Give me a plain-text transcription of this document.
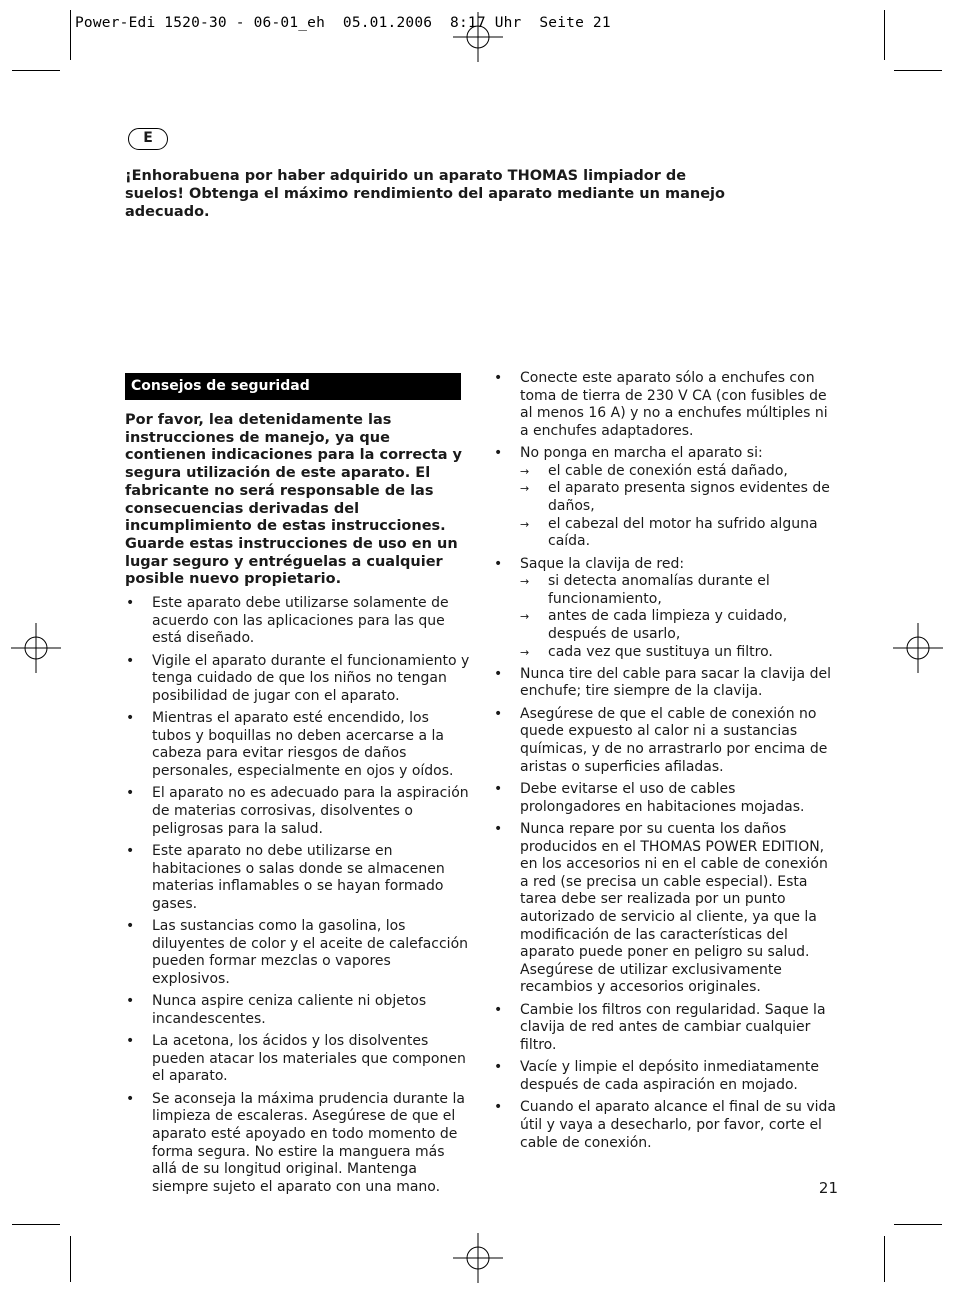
Power-Edi 1520-30 - 06-01_eh  05.01.2006  8:17 Uhr  Seite 21
E
¡Enhorabuena por haber adquirido un aparato THOMAS limpiador de suelos! Obtenga el máximo rendimiento del aparato mediante un manejo adecuado.
Consejos de seguridad
Por favor, lea detenidamente las instrucciones de manejo, ya que contienen indicaciones para la correcta y segura utilización de este aparato. El fabricante no será responsable de las consecuencias derivadas del incumplimiento de estas instrucciones. Guarde estas instrucciones de uso en un lugar seguro y entréguelas a cualquier posible nuevo propietario.
• Este aparato debe utilizarse solamente de acuerdo con las aplicaciones para las que está diseñado.
• Vigile el aparato durante el funcionamiento y tenga cuidado de que los niños no tengan posibilidad de jugar con el aparato.
• Mientras el aparato esté encendido, los tubos y boquillas no deben acercarse a la cabeza para evitar riesgos de daños personales, especialmente en ojos y oídos.
• El aparato no es adecuado para la aspiración de materias corrosivas, disolventes o peligrosas para la salud.
• Este aparato no debe utilizarse en habitaciones o salas donde se almacenen materias inflamables o se hayan formado gases.
• Las sustancias como la gasolina, los diluyentes de color y el aceite de calefacción pueden formar mezclas o vapores explosivos.
• Nunca aspire ceniza caliente ni objetos incandescentes.
• La acetona, los ácidos y los disolventes pueden atacar los materiales que componen el aparato.
• Se aconseja la máxima prudencia durante la limpieza de escaleras. Asegúrese de que el aparato esté apoyado en todo momento de forma segura. No estire la manguera más allá de su longitud original. Mantenga siempre sujeto el aparato con una mano.
• Conecte este aparato sólo a enchufes con toma de tierra de 230 V CA (con fusibles de al menos 16 A) y no a enchufes múltiples ni a enchufes adaptadores.
• No ponga en marcha el aparato si:
→ el cable de conexión está dañado,
→ el aparato presenta signos evidentes de daños,
→ el cabezal del motor ha sufrido alguna caída.
• Saque la clavija de red:
→ si detecta anomalías durante el funcionamiento,
→ antes de cada limpieza y cuidado, después de usarlo,
→ cada vez que sustituya un filtro.
• Nunca tire del cable para sacar la clavija del enchufe; tire siempre de la clavija.
• Asegúrese de que el cable de conexión no quede expuesto al calor ni a sustancias químicas, y de no arrastrarlo por encima de aristas o superficies afiladas.
• Debe evitarse el uso de cables prolongadores en habitaciones mojadas.
• Nunca repare por su cuenta los daños producidos en el THOMAS POWER EDITION, en los accesorios ni en el cable de conexión a red (se precisa un cable especial). Esta tarea debe ser realizada por un punto autorizado de servicio al cliente, ya que la modificación de las características del aparato puede poner en peligro su salud. Asegúrese de utilizar exclusivamente recambios y accesorios originales.
• Cambie los filtros con regularidad. Saque la clavija de red antes de cambiar cualquier filtro.
• Vacíe y limpie el depósito inmediatamente después de cada aspiración en mojado.
• Cuando el aparato alcance el final de su vida útil y vaya a desecharlo, por favor, corte el cable de conexión.
21
